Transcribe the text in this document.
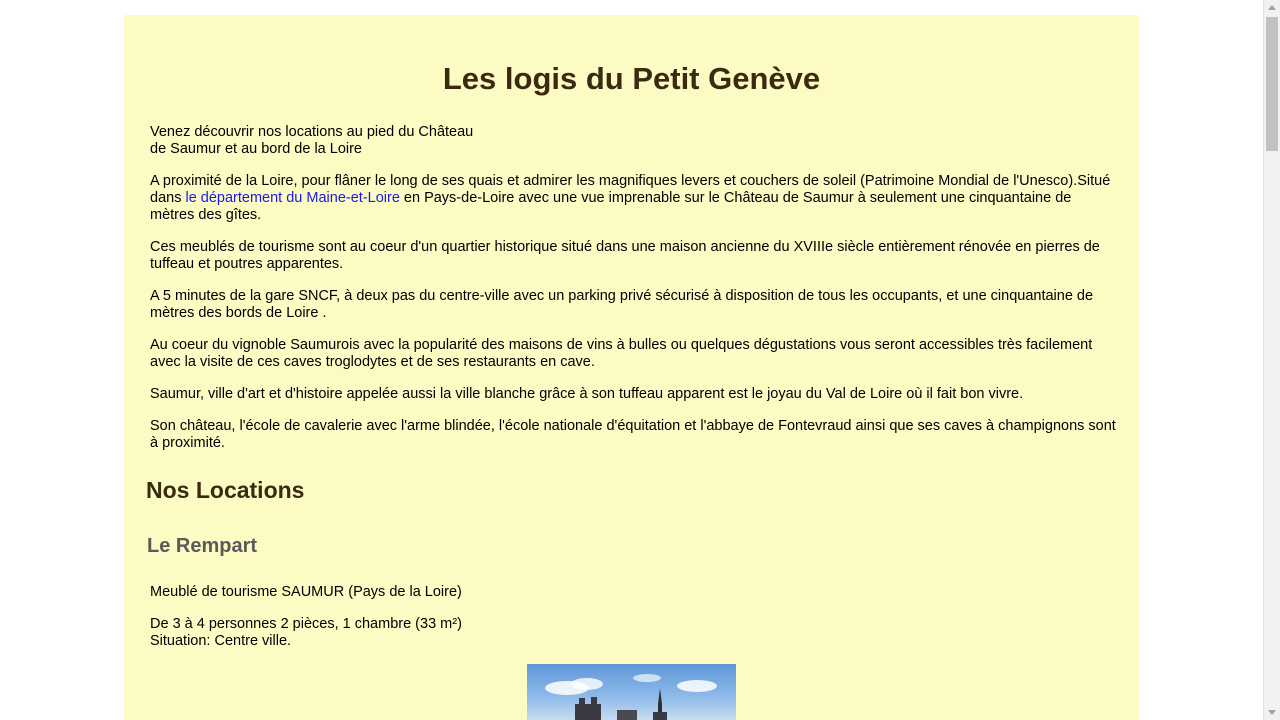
Les logis du Petit Genève

Venez découvrir nos locations au pied du Château

de Saumur et au bord de la Loire

A proximité de la Loire, pour flâner le long de ses quais et admirer les magnifiques levers et couchers de soleil (Patrimoine Mondial de l'Unesco).Situé dans le département du Maine-et-Loire en Pays-de-Loire avec une vue imprenable sur le Château de Saumur à seulement une cinquantaine de mètres des gîtes.

Ces meublés de tourisme sont au coeur d'un quartier historique situé dans une maison ancienne du XVIIIe siècle entièrement rénovée en pierres de tuffeau et poutres apparentes.

A 5 minutes de la gare SNCF, à deux pas du centre-ville avec un parking privé sécurisé à disposition de tous les occupants, et une cinquantaine de mètres des bords de Loire .

Au coeur du vignoble Saumurois avec la popularité des maisons de vins à bulles ou quelques dégustations vous seront accessibles très facilement avec la visite de ces caves troglodytes et de ses restaurants en cave.

Saumur, ville d'art et d'histoire appelée aussi la ville blanche grâce à son tuffeau apparent est le joyau du Val de Loire où il fait bon vivre.

Son château, l'école de cavalerie avec l'arme blindée, l'école nationale d'équitation et l'abbaye de Fontevraud ainsi que ses caves à champignons sont à proximité.

Nos Locations
Le Rempart

Meublé de tourisme SAUMUR (Pays de la Loire)

De 3 à 4 personnes 2 pièces, 1 chambre (33 m²)

Situation: Centre ville.
